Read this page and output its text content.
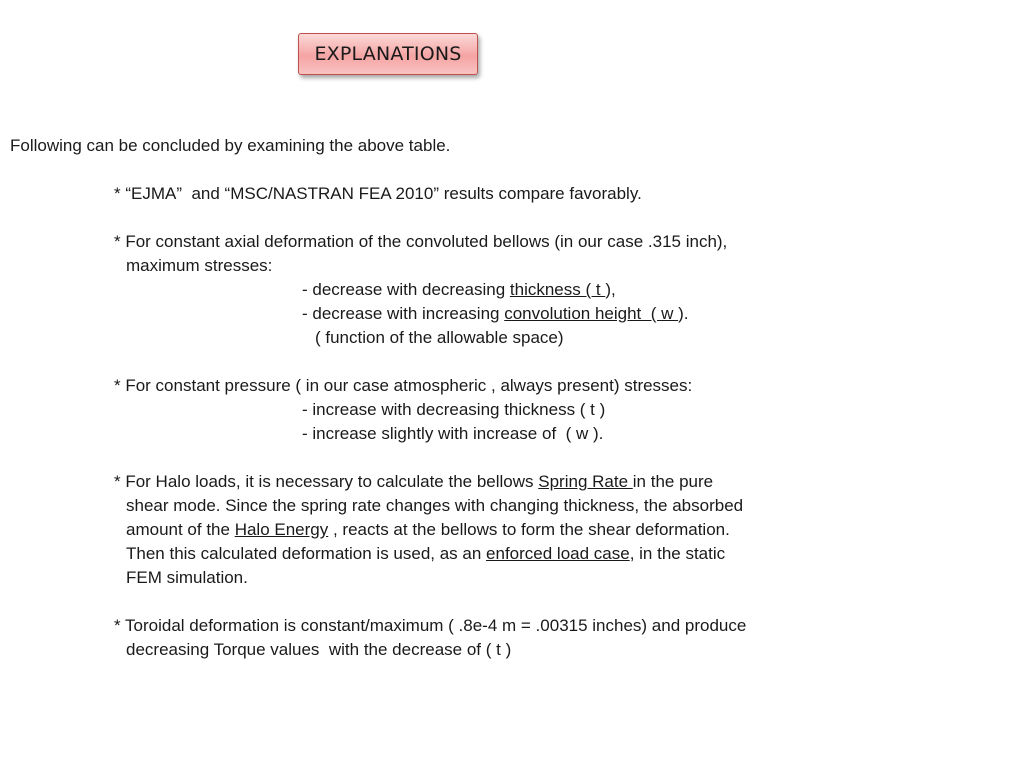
EXPLANATIONS
Following can be concluded by examining the above table.
* “EJMA”  and “MSC/NASTRAN FEA 2010” results compare favorably.
* For constant axial deformation of the convoluted bellows (in our case .315 inch),
maximum stresses:
- decrease with decreasing thickness ( t ),
- decrease with increasing convolution height  ( w ).
( function of the allowable space)
* For constant pressure ( in our case atmospheric , always present) stresses:
- increase with decreasing thickness ( t )
- increase slightly with increase of  ( w ).
* For Halo loads, it is necessary to calculate the bellows Spring Rate in the pure
shear mode. Since the spring rate changes with changing thickness, the absorbed
amount of the Halo Energy , reacts at the bellows to form the shear deformation.
Then this calculated deformation is used, as an enforced load case, in the static
FEM simulation.
* Toroidal deformation is constant/maximum ( .8e-4 m = .00315 inches) and produce
decreasing Torque values  with the decrease of ( t )
